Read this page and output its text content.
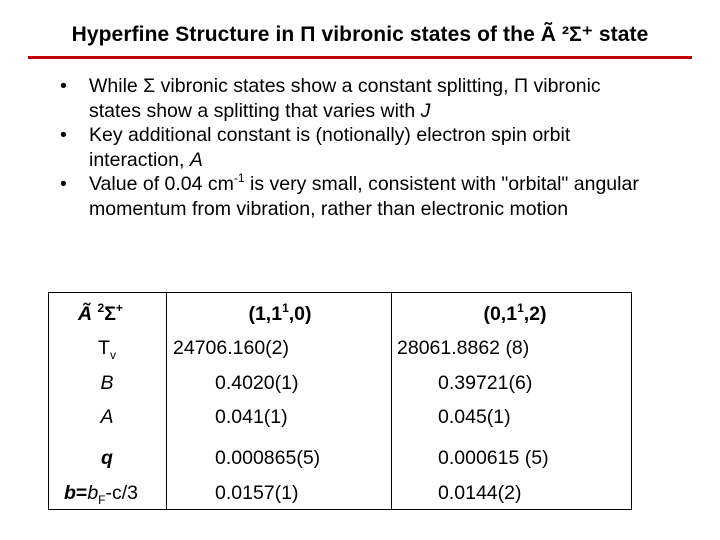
Hyperfine Structure in Π vibronic states of the Ã ²Σ⁺ state
• While Σ vibronic states show a constant splitting, Π vibronic states show a splitting that varies with J
• Key additional constant is (notionally) electron spin orbit interaction, A
• Value of 0.04 $cm^{-1}$ is very small, consistent with "orbital" angular momentum from vibration, rather than electronic motion
Ã $^2$Σ+	$(1,1^1,0)$	$(0,1^1,2)$
$T_v$	24706.160(2)	28061.8862 (8)
B	0.4020(1)	0.39721(6)
A	0.041(1)	0.045(1)
q	0.000865(5)	0.000615 (5)
$b=b_F-c/3$	0.0157(1)	0.0144(2)
